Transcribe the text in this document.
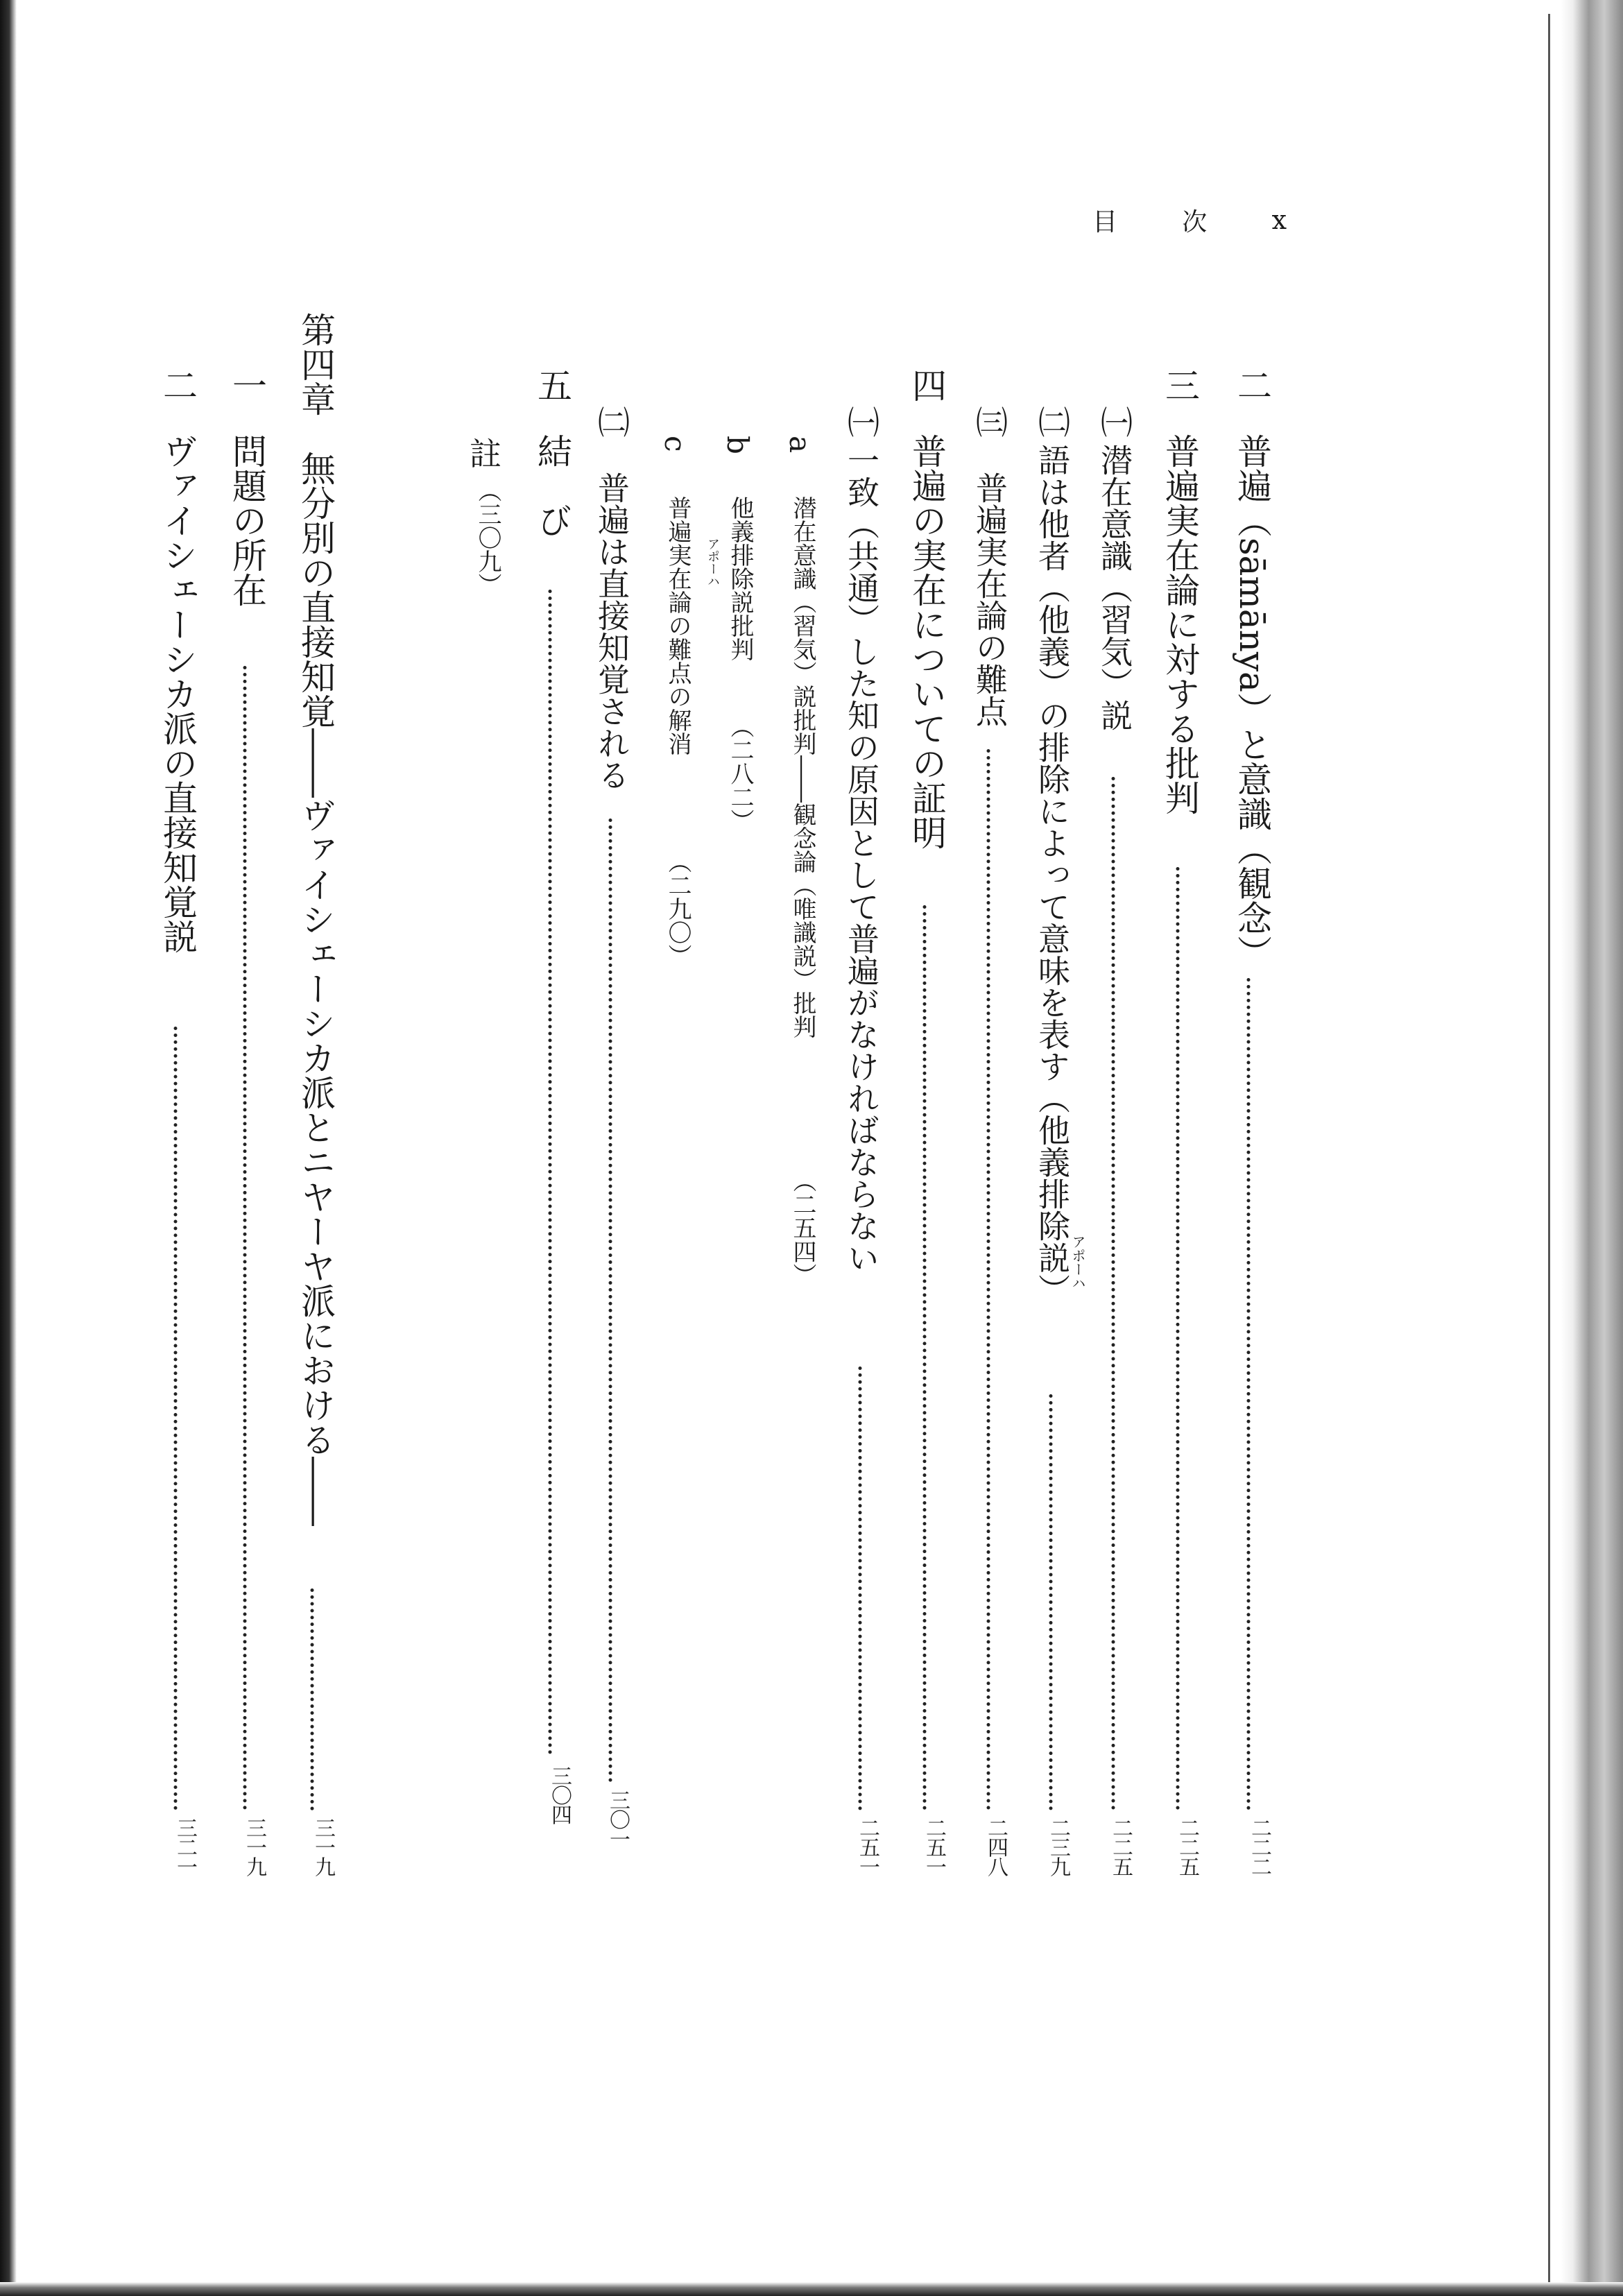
目	次 x
二
普遍（sāmānya）と意識（観念）
二二二
三
普遍実在論に対する批判
二二五
㈠
潜在意識（習気）説
二二五
㈡
語は他者（他義）の排除によって意味を表す（他義排除説）
二三九
アポーハ
㈢
普遍実在論の難点
二四八
四
普遍の実在についての証明
二五一
㈠
一致（共通）した知の原因として普遍がなければならない
二五一
a
潜在意識（習気）説批判――観念論（唯識説）批判
（二五四）
b
他義排除説批判
（二八二）
アポーハ
c
普遍実在論の難点の解消
（二九〇）
㈡
普遍は直接知覚される
三〇一
五
結　び
三〇四
註
（三〇九）
第四章　無分別の直接知覚――ヴァイシェーシカ派とニヤーヤ派における――
三一九
一
問題の所在
三一九
二
ヴァイシェーシカ派の直接知覚説
三二一
